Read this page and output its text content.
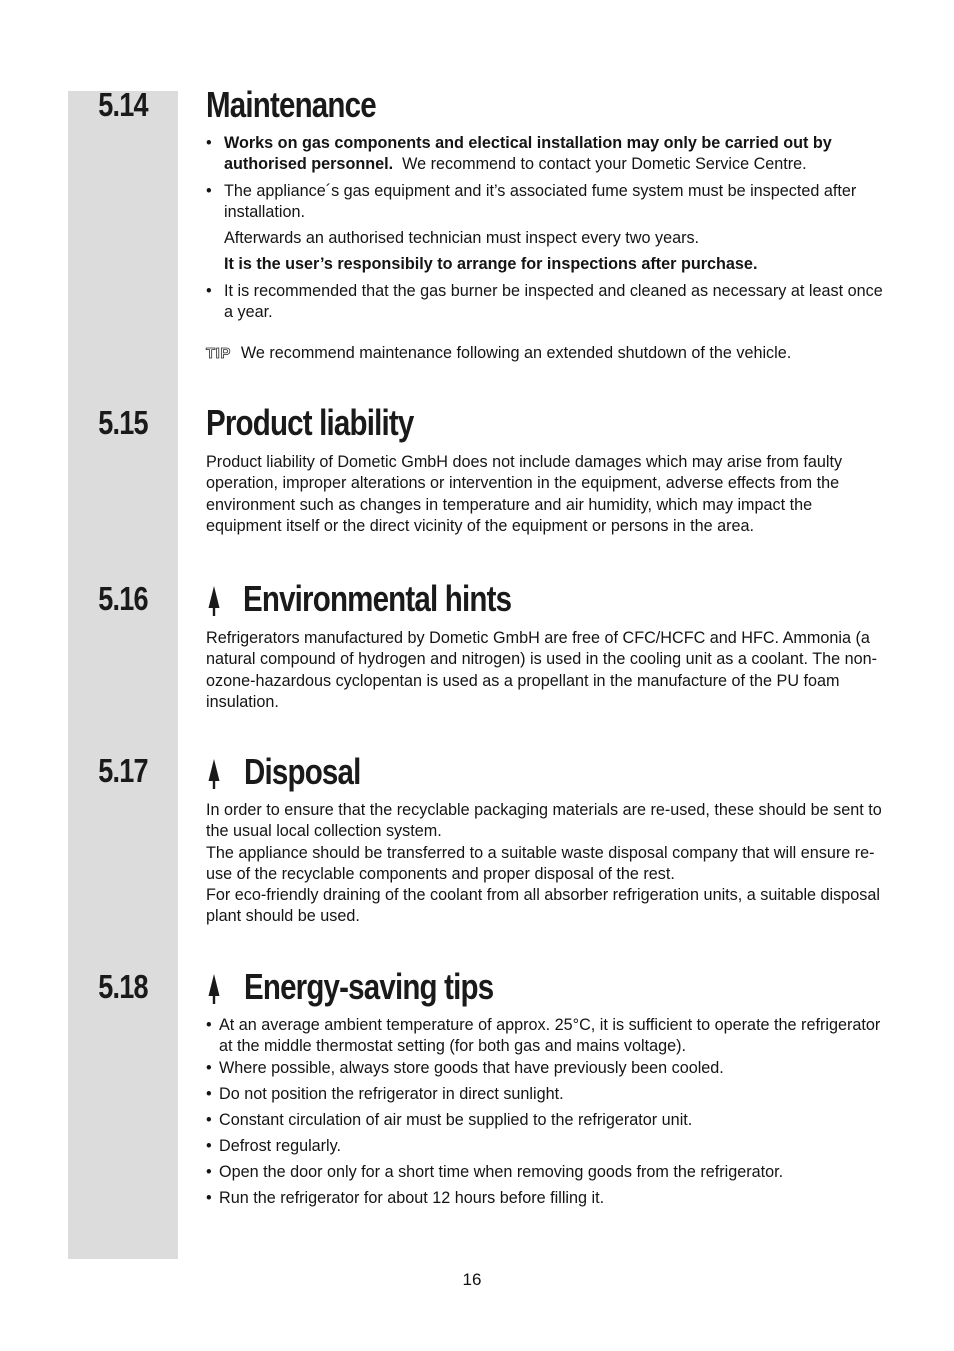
5.14	Maintenance
• Works on gas components and electical installation may only be carried out by authorised personnel. We recommend to contact your Dometic Service Centre.
• The appliance´s gas equipment and it’s associated fume system must be inspected after installation.

Afterwards an authorised technician must inspect every two years.

It is the user’s responsibily to arrange for inspections after purchase.

• It is recommended that the gas burner be inspected and cleaned as necessary at least once a year.

TIP We recommend maintenance following an extended shutdown of the vehicle.

5.15	Product liability

Product liability of Dometic GmbH does not include damages which may arise from faulty operation, improper alterations or intervention in the equipment, adverse effects from the environment such as changes in temperature and air humidity, which may impact the equipment itself or the direct vicinity of the equipment or persons in the area.

5.16	Environmental hints

Refrigerators manufactured by Dometic GmbH are free of CFC/HCFC and HFC. Ammonia (a natural compound of hydrogen and nitrogen) is used in the cooling unit as a coolant. The non-ozone-hazardous cyclopentan is used as a propellant in the manufacture of the PU foam insulation.

5.17	Disposal

In order to ensure that the recyclable packaging materials are re-used, these should be sent to the usual local collection system.

The appliance should be transferred to a suitable waste disposal company that will ensure re-use of the recyclable components and proper disposal of the rest.

For eco-friendly draining of the coolant from all absorber refrigeration units, a suitable disposal plant should be used.

5.18	Energy-saving tips
• At an average ambient temperature of approx. 25°C, it is sufficient to operate the refrigerator at the middle thermostat setting (for both gas and mains voltage).
• Where possible, always store goods that have previously been cooled.
• Do not position the refrigerator in direct sunlight.
• Constant circulation of air must be supplied to the refrigerator unit.
• Defrost regularly.
• Open the door only for a short time when removing goods from the refrigerator.
• Run the refrigerator for about 12 hours before filling it.
16
